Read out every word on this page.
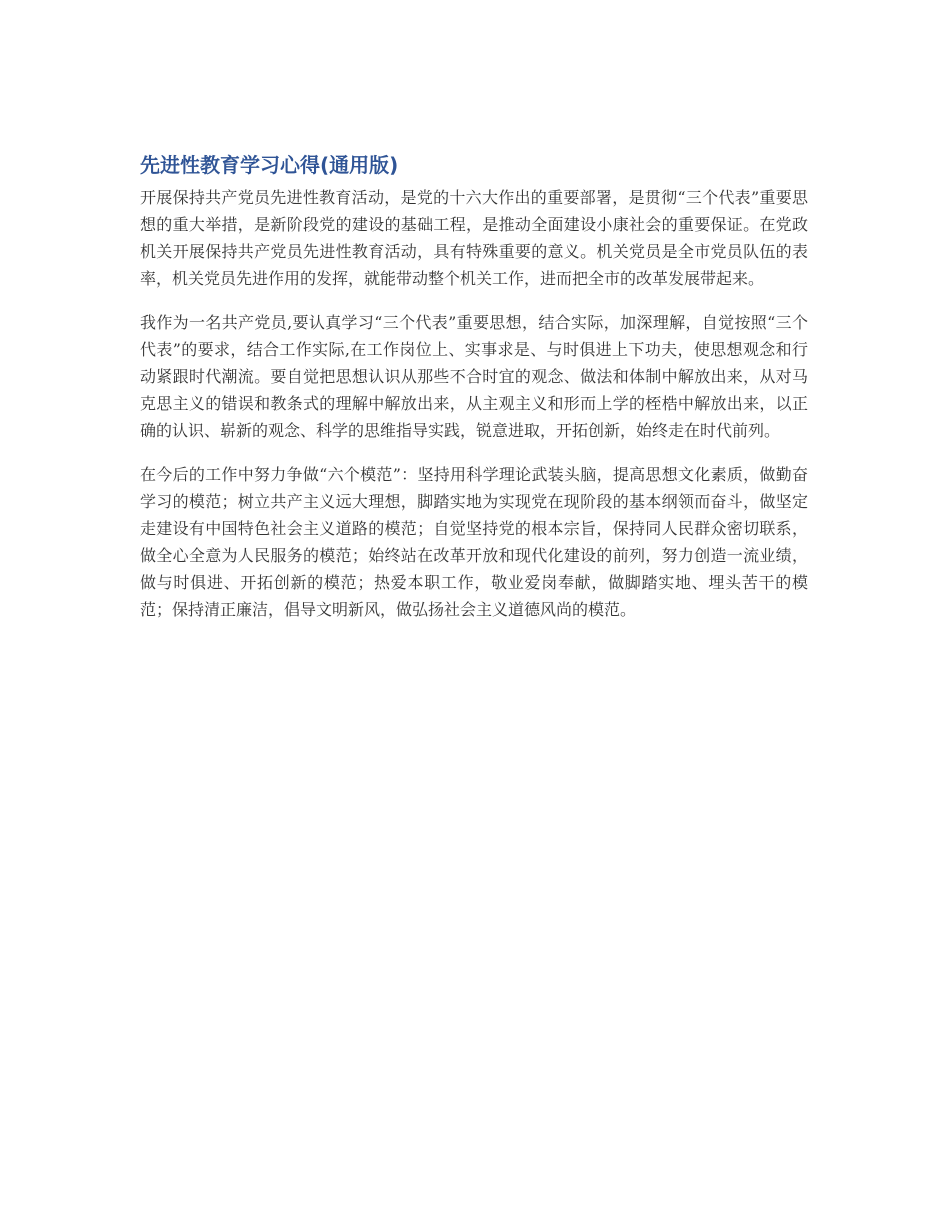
先进性教育学习心得(通用版)

开展保持共产党员先进性教育活动，是党的十六大作出的重要部署，是贯彻“三个代表”重要思想的重大举措，是新阶段党的建设的基础工程，是推动全面建设小康社会的重要保证。在党政机关开展保持共产党员先进性教育活动，具有特殊重要的意义。机关党员是全市党员队伍的表率，机关党员先进作用的发挥，就能带动整个机关工作，进而把全市的改革发展带起来。

我作为一名共产党员,要认真学习“三个代表”重要思想，结合实际，加深理解，自觉按照“三个代表”的要求，结合工作实际,在工作岗位上、实事求是、与时俱进上下功夫，使思想观念和行动紧跟时代潮流。要自觉把思想认识从那些不合时宜的观念、做法和体制中解放出来，从对马克思主义的错误和教条式的理解中解放出来，从主观主义和形而上学的桎梏中解放出来，以正确的认识、崭新的观念、科学的思维指导实践，锐意进取，开拓创新，始终走在时代前列。

在今后的工作中努力争做“六个模范”：坚持用科学理论武装头脑，提高思想文化素质，做勤奋学习的模范；树立共产主义远大理想，脚踏实地为实现党在现阶段的基本纲领而奋斗，做坚定走建设有中国特色社会主义道路的模范；自觉坚持党的根本宗旨，保持同人民群众密切联系，做全心全意为人民服务的模范；始终站在改革开放和现代化建设的前列，努力创造一流业绩，做与时俱进、开拓创新的模范；热爱本职工作，敬业爱岗奉献，做脚踏实地、埋头苦干的模范；保持清正廉洁，倡导文明新风，做弘扬社会主义道德风尚的模范。
